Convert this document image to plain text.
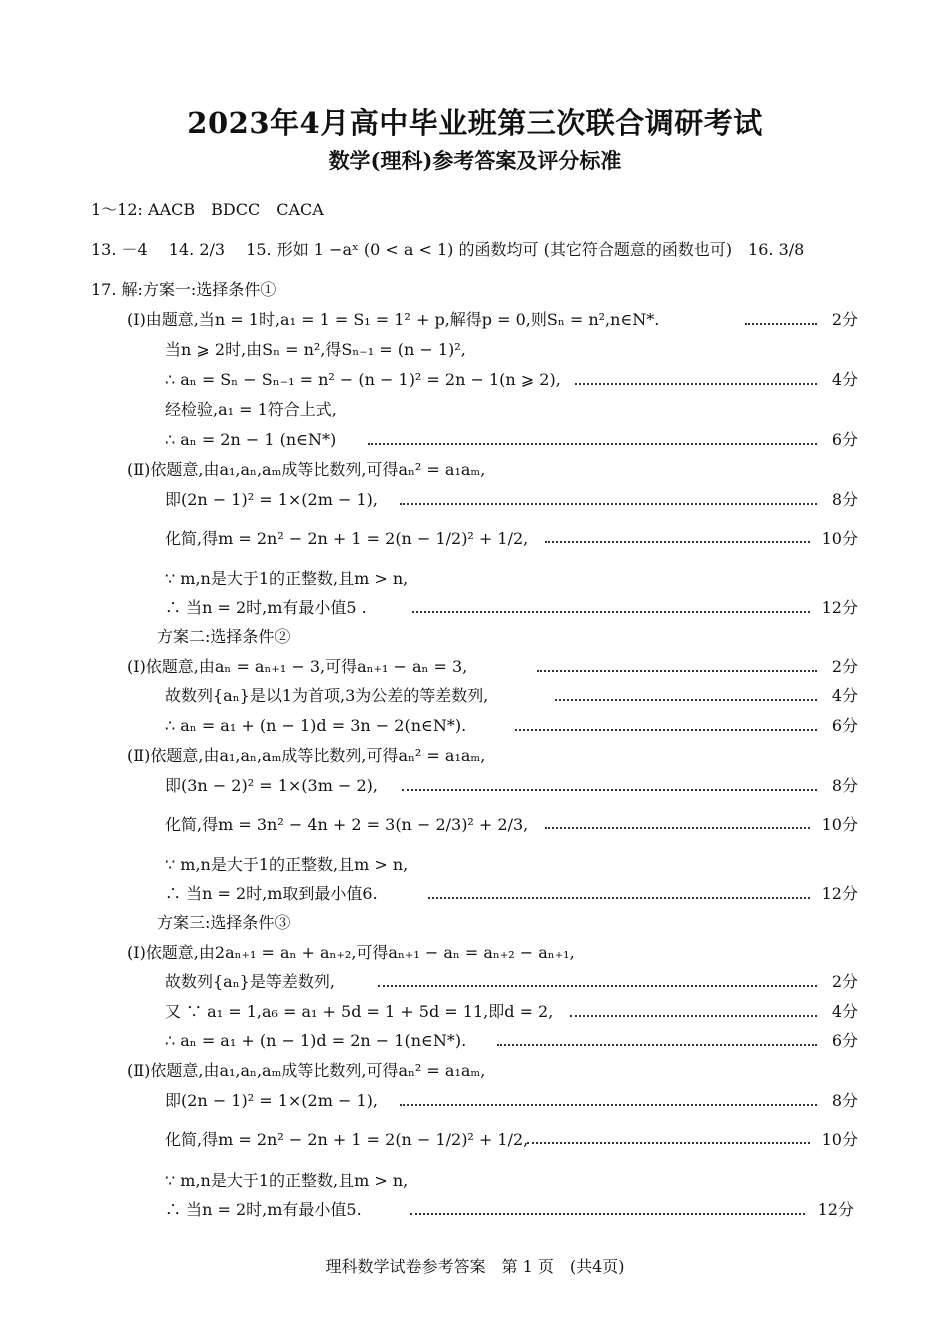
2023年4月高中毕业班第三次联合调研考试
数学(理科)参考答案及评分标准
1～12: AACB　BDCC　CACA
13. －4　 14. 2/3　 15. 形如 1 −aˣ (0 < a < 1) 的函数均可 (其它符合题意的函数也可)　16. 3/8
17. 解:方案一:选择条件①
(Ⅰ)由题意,当n = 1时,a₁ = 1 = S₁ = 1² + p,解得p = 0,则Sₙ = n²,n∈N*.	2分
当n ⩾ 2时,由Sₙ = n²,得Sₙ₋₁ = (n − 1)²,
∴ aₙ = Sₙ − Sₙ₋₁ = n² − (n − 1)² = 2n − 1(n ⩾ 2),	4分
经检验,a₁ = 1符合上式,
∴ aₙ = 2n − 1 (n∈N*)	6分
(Ⅱ)依题意,由a₁,aₙ,aₘ成等比数列,可得aₙ² = a₁aₘ,
即(2n − 1)² = 1×(2m − 1),	8分
化简,得m = 2n² − 2n + 1 = 2(n − 1/2)² + 1/2,	10分
∵ m,n是大于1的正整数,且m > n,
∴ 当n = 2时,m有最小值5 .	12分
方案二:选择条件②
(Ⅰ)依题意,由aₙ = aₙ₊₁ − 3,可得aₙ₊₁ − aₙ = 3,	2分
故数列{aₙ}是以1为首项,3为公差的等差数列,	4分
∴ aₙ = a₁ + (n − 1)d = 3n − 2(n∈N*).	6分
(Ⅱ)依题意,由a₁,aₙ,aₘ成等比数列,可得aₙ² = a₁aₘ,
即(3n − 2)² = 1×(3m − 2),	8分
化简,得m = 3n² − 4n + 2 = 3(n − 2/3)² + 2/3,	10分
∵ m,n是大于1的正整数,且m > n,
∴ 当n = 2时,m取到最小值6.	12分
方案三:选择条件③
(Ⅰ)依题意,由2aₙ₊₁ = aₙ + aₙ₊₂,可得aₙ₊₁ − aₙ = aₙ₊₂ − aₙ₊₁,
故数列{aₙ}是等差数列,	2分
又 ∵ a₁ = 1,a₆ = a₁ + 5d = 1 + 5d = 11,即d = 2,	4分
∴ aₙ = a₁ + (n − 1)d = 2n − 1(n∈N*).	6分
(Ⅱ)依题意,由a₁,aₙ,aₘ成等比数列,可得aₙ² = a₁aₘ,
即(2n − 1)² = 1×(2m − 1),	8分
化简,得m = 2n² − 2n + 1 = 2(n − 1/2)² + 1/2,	10分
∵ m,n是大于1的正整数,且m > n,
∴ 当n = 2时,m有最小值5.	12分
理科数学试卷参考答案　第 1 页　(共4页)
